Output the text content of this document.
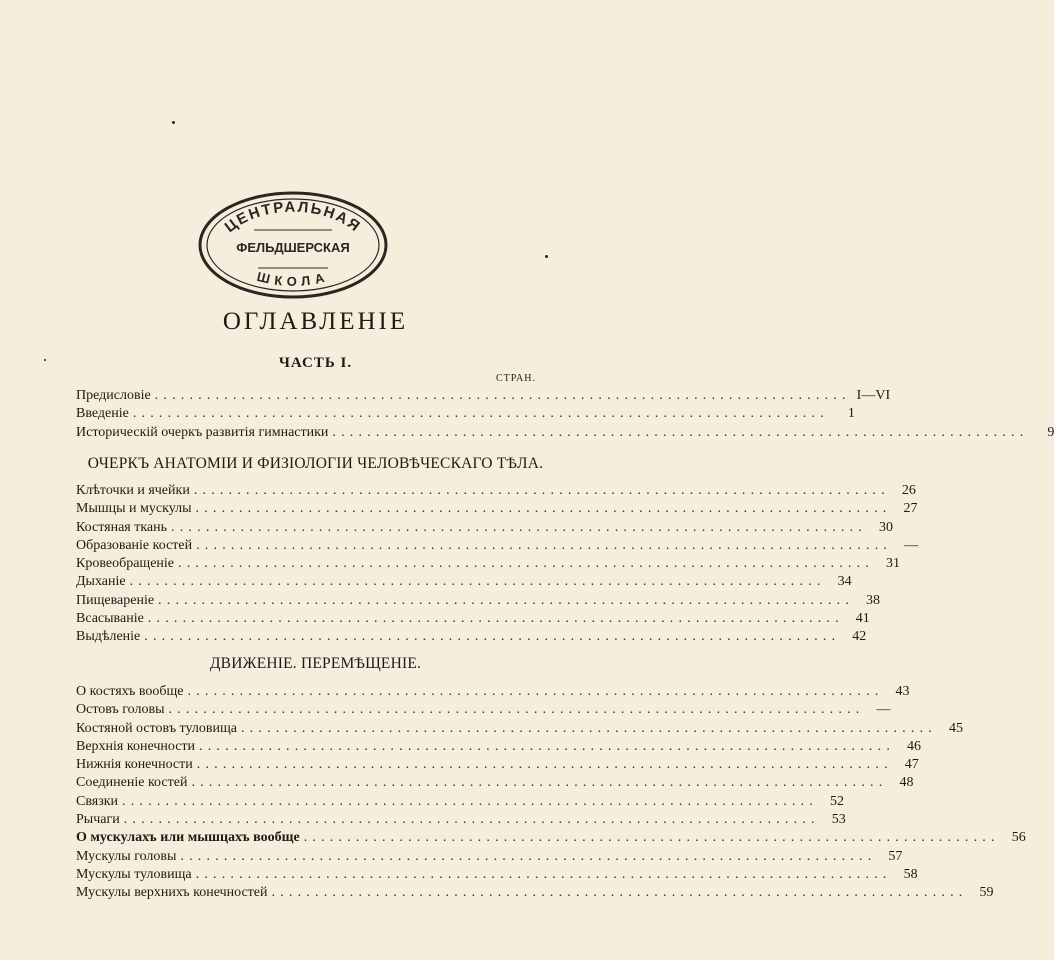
ЦЕНТРАЛЬНАЯ
ФЕЛЬДШЕРСКАЯ
ШКОЛА
ОГЛАВЛЕНІЕ
ЧАСТЬ I.
СТРАН.
Предисловіе ................................................................................ I—VI
Введеніе ................................................................................	1
Историческій очеркъ развитія гимнастики ................................................................................	9
ОЧЕРКЪ АНАТОМІИ И ФИЗІОЛОГІИ ЧЕЛОВѢЧЕСКАГО ТѢЛА.
Клѣточки и ячейки ................................................................................ 26
Мышцы и мускулы ................................................................................ 27
Костяная ткань ................................................................................ 30
Образованіе костей ................................................................................ —
Кровеобращеніе ................................................................................ 31
Дыханіе ................................................................................ 34
Пищевареніе ................................................................................ 38
Всасываніе ................................................................................ 41
Выдѣленіе ................................................................................ 42
ДВИЖЕНІЕ. ПЕРЕМѢЩЕНІЕ.
О костяхъ вообще ................................................................................ 43
Остовъ головы ................................................................................ —
Костяной остовъ туловища ................................................................................ 45
Верхнія конечности ................................................................................ 46
Нижнія конечности ................................................................................ 47
Соединеніе костей ................................................................................ 48
Связки ................................................................................ 52
Рычаги ................................................................................ 53
О мускулахъ или мышцахъ вообще ................................................................................ 56
Мускулы головы ................................................................................ 57
Мускулы туловища ................................................................................ 58
Мускулы верхнихъ конечностей ................................................................................ 59
